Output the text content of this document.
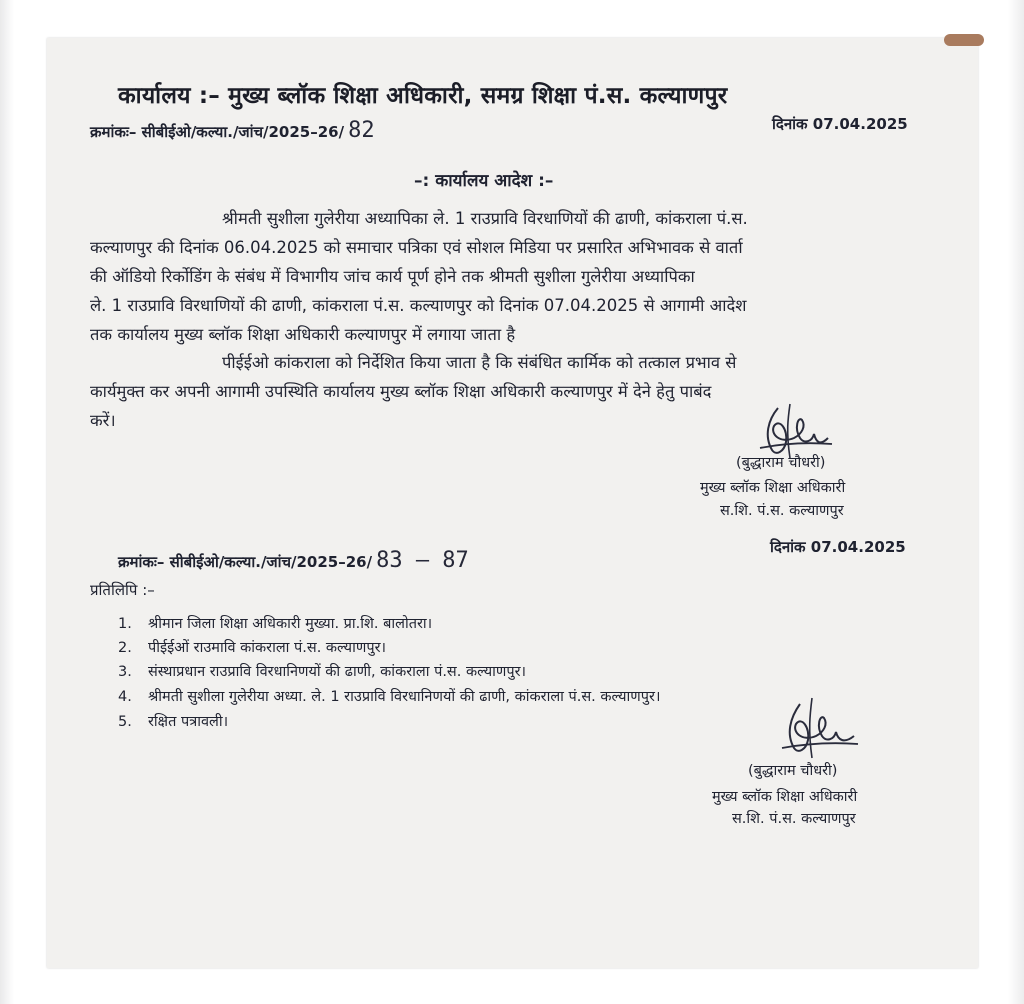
कार्यालय :– मुख्य ब्लॉक शिक्षा अधिकारी, समग्र शिक्षा पं.स. कल्याणपुर
क्रमांकः– सीबीईओ/कल्या./जांच/2025–26/ 82	दिनांक 07.04.2025
–: कार्यालय आदेश :–
श्रीमती सुशीला गुलेरीया अध्यापिका ले. 1 राउप्रावि विरधाणियों की ढाणी, कांकराला पं.स.
कल्याणपुर की दिनांक 06.04.2025 को समाचार पत्रिका एवं सोशल मिडिया पर प्रसारित अभिभावक से वार्ता
की ऑडियो रिर्कोडिंग के संबंध में विभागीय जांच कार्य पूर्ण होने तक श्रीमती सुशीला गुलेरीया अध्यापिका
ले. 1 राउप्रावि विरधाणियों की ढाणी, कांकराला पं.स. कल्याणपुर को दिनांक 07.04.2025 से आगामी आदेश
तक कार्यालय मुख्य ब्लॉक शिक्षा अधिकारी कल्याणपुर में लगाया जाता है
पीईईओ कांकराला को निर्देशित किया जाता है कि संबंधित कार्मिक को तत्काल प्रभाव से
कार्यमुक्त कर अपनी आगामी उपस्थिति कार्यालय मुख्य ब्लॉक शिक्षा अधिकारी कल्याणपुर में देने हेतु पाबंद
करें।
(बुद्धाराम चौधरी)
मुख्य ब्लॉक शिक्षा अधिकारी
स.शि. पं.स. कल्याणपुर
क्रमांकः– सीबीईओ/कल्या./जांच/2025–26/ 83 – 87
दिनांक 07.04.2025
प्रतिलिपि :–
1. श्रीमान जिला शिक्षा अधिकारी मुख्या. प्रा.शि. बालोतरा।
2. पीईईओं राउमावि कांकराला पं.स. कल्याणपुर।
3. संस्थाप्रधान राउप्रावि विरधानिणयों की ढाणी, कांकराला पं.स. कल्याणपुर।
4. श्रीमती सुशीला गुलेरीया अध्या. ले. 1 राउप्रावि विरधानिणयों की ढाणी, कांकराला पं.स. कल्याणपुर।
5. रक्षित पत्रावली।
(बुद्धाराम चौधरी)
मुख्य ब्लॉक शिक्षा अधिकारी
स.शि. पं.स. कल्याणपुर
